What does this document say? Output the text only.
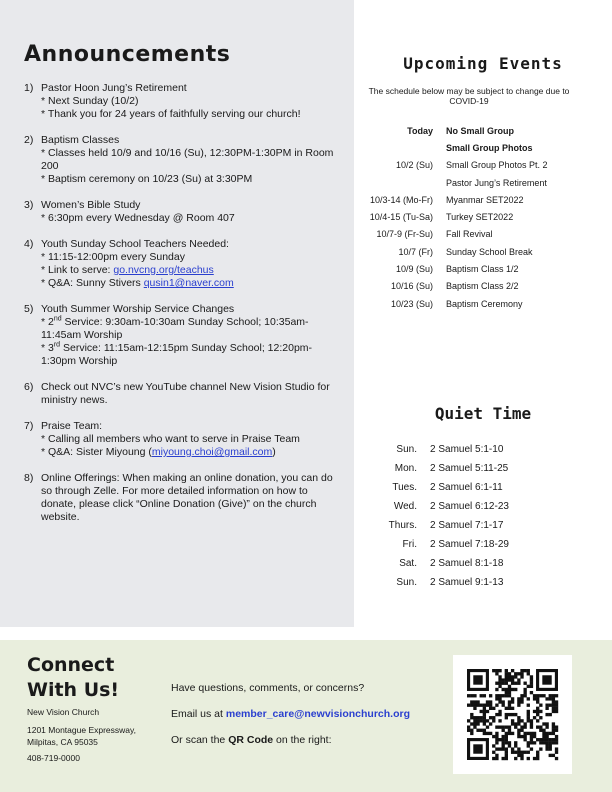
Announcements
1) Pastor Hoon Jung’s Retirement
* Next Sunday (10/2)
* Thank you for 24 years of faithfully serving our church!
2) Baptism Classes
* Classes held 10/9 and 10/16 (Su), 12:30PM-1:30PM in Room 200
* Baptism ceremony on 10/23 (Su) at 3:30PM
3) Women’s Bible Study
* 6:30pm every Wednesday @ Room 407
4) Youth Sunday School Teachers Needed:
* 11:15-12:00pm every Sunday
* Link to serve: go.nvcng.org/teachus
* Q&A: Sunny Stivers qusin1@naver.com
5) Youth Summer Worship Service Changes
* 2nd Service: 9:30am-10:30am Sunday School; 10:35am-11:45am Worship
* 3rd Service: 11:15am-12:15pm Sunday School; 12:20pm-1:30pm Worship
6) Check out NVC’s new YouTube channel New Vision Studio for ministry news.
7) Praise Team:
* Calling all members who want to serve in Praise Team
* Q&A: Sister Miyoung (miyoung.choi@gmail.com)
8) Online Offerings: When making an online donation, you can do so through Zelle. For more detailed information on how to donate, please click “Online Donation (Give)” on the church website.
Upcoming Events
The schedule below may be subject to change due to COVID-19
Today	No Small Group
Small Group Photos
10/2 (Su)	Small Group Photos Pt. 2
Pastor Jung’s Retirement
10/3-14 (Mo-Fr)	Myanmar SET2022
10/4-15 (Tu-Sa)	Turkey SET2022
10/7-9 (Fr-Su)	Fall Revival
10/7 (Fr)	Sunday School Break
10/9 (Su)	Baptism Class 1/2
10/16 (Su)	Baptism Class 2/2
10/23 (Su)	Baptism Ceremony
Quiet Time
Sun.	2 Samuel 5:1-10
Mon.	2 Samuel 5:11-25
Tues.	2 Samuel 6:1-11
Wed.	2 Samuel 6:12-23
Thurs.	2 Samuel 7:1-17
Fri.	2 Samuel 7:18-29
Sat.	2 Samuel 8:1-18
Sun.	2 Samuel 9:1-13
Connect
With Us!
New Vision Church
1201 Montague Expressway,
Milpitas, CA 95035
408-719-0000
Have questions, comments, or concerns?
Email us at member_care@newvisionchurch.org
Or scan the QR Code on the right:
